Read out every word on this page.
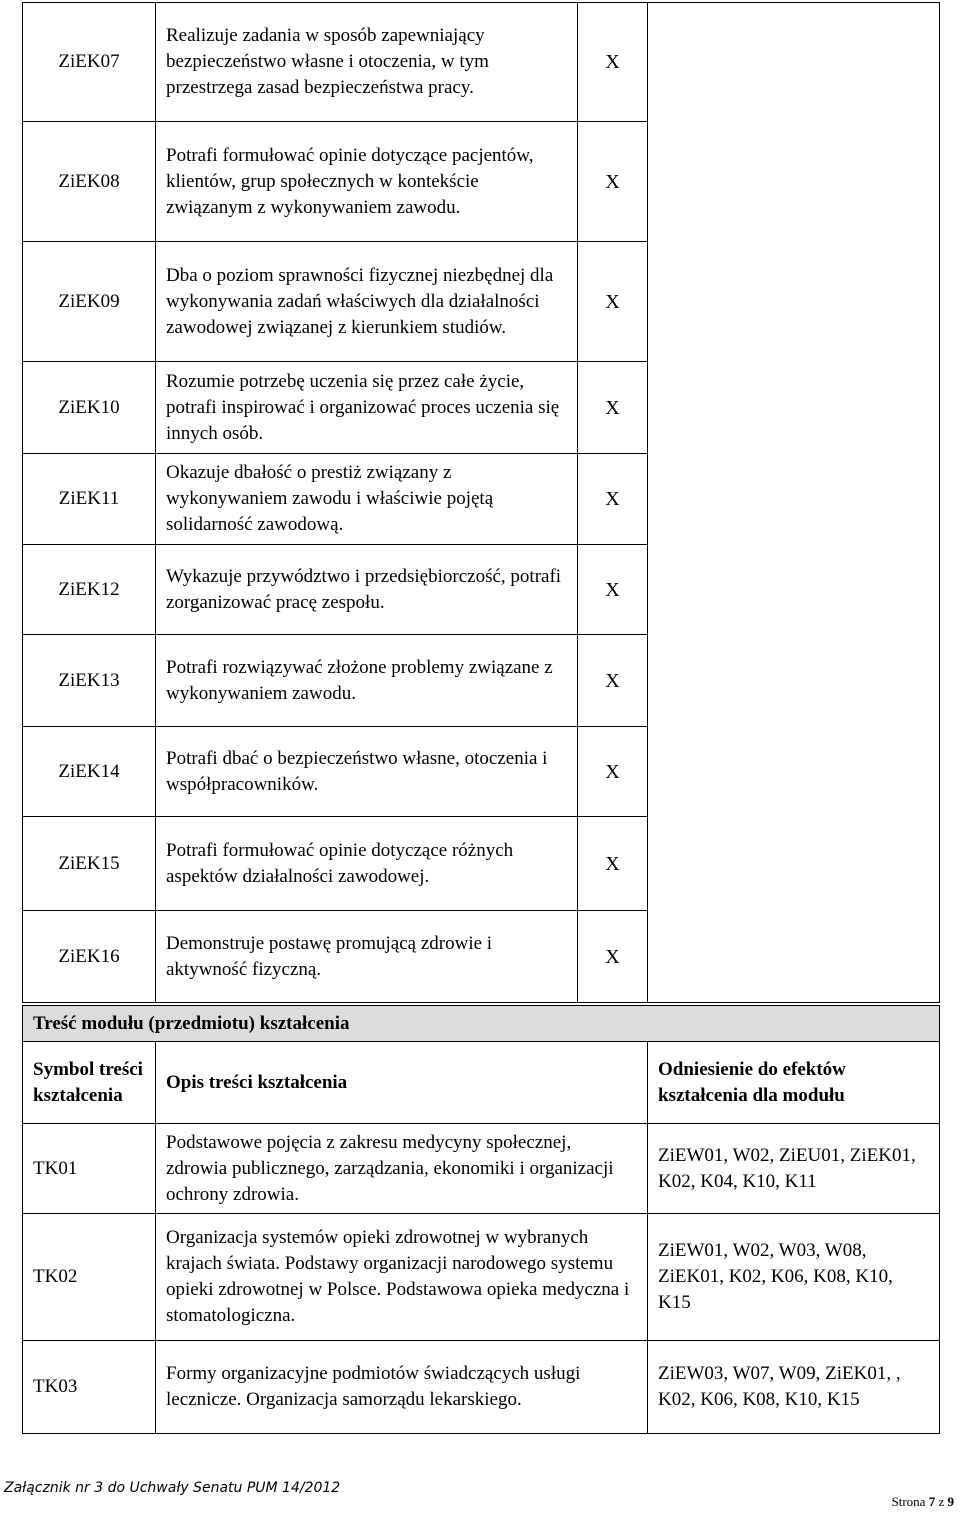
ZiEK07	Realizuje zadania w sposób zapewniający bezpieczeństwo własne i otoczenia, w tym przestrzega zasad bezpieczeństwa pracy.	X	
ZiEK08	Potrafi formułować opinie dotyczące pacjentów, klientów, grup społecznych w kontekście związanym z wykonywaniem zawodu.	X	
ZiEK09	Dba o poziom sprawności fizycznej niezbędnej dla wykonywania zadań właściwych dla działalności zawodowej związanej z kierunkiem studiów.	X	
ZiEK10	Rozumie potrzebę uczenia się przez całe życie, potrafi inspirować i organizować proces uczenia się innych osób.	X	
ZiEK11	Okazuje dbałość o prestiż związany z wykonywaniem zawodu i właściwie pojętą solidarność zawodową.	X	
ZiEK12	Wykazuje przywództwo i przedsiębiorczość, potrafi zorganizować pracę zespołu.	X	
ZiEK13	Potrafi rozwiązywać złożone problemy związane z wykonywaniem zawodu.	X	
ZiEK14	Potrafi dbać o bezpieczeństwo własne, otoczenia i współpracowników.	X	
ZiEK15	Potrafi formułować opinie dotyczące różnych aspektów działalności zawodowej.	X	
ZiEK16	Demonstruje postawę promującą zdrowie i aktywność fizyczną.	X	
Treść modułu (przedmiotu) kształcenia		
Symbol treści kształcenia	Opis treści kształcenia	Odniesienie do efektów kształcenia dla modułu
TK01	Podstawowe pojęcia z zakresu medycyny społecznej, zdrowia publicznego, zarządzania, ekonomiki i organizacji ochrony zdrowia.	ZiEW01, W02, ZiEU01, ZiEK01, K02, K04, K10, K11
TK02	Organizacja systemów opieki zdrowotnej w wybranych krajach świata. Podstawy organizacji narodowego systemu opieki zdrowotnej w Polsce. Podstawowa opieka medyczna i stomatologiczna.	ZiEW01, W02, W03, W08, ZiEK01, K02, K06, K08, K10, K15
TK03	Formy organizacyjne podmiotów świadczących usługi lecznicze. Organizacja samorządu lekarskiego.	ZiEW03, W07, W09, ZiEK01, , K02, K06, K08, K10, K15
Załącznik nr 3 do Uchwały Senatu PUM 14/2012
Strona 7 z 9
